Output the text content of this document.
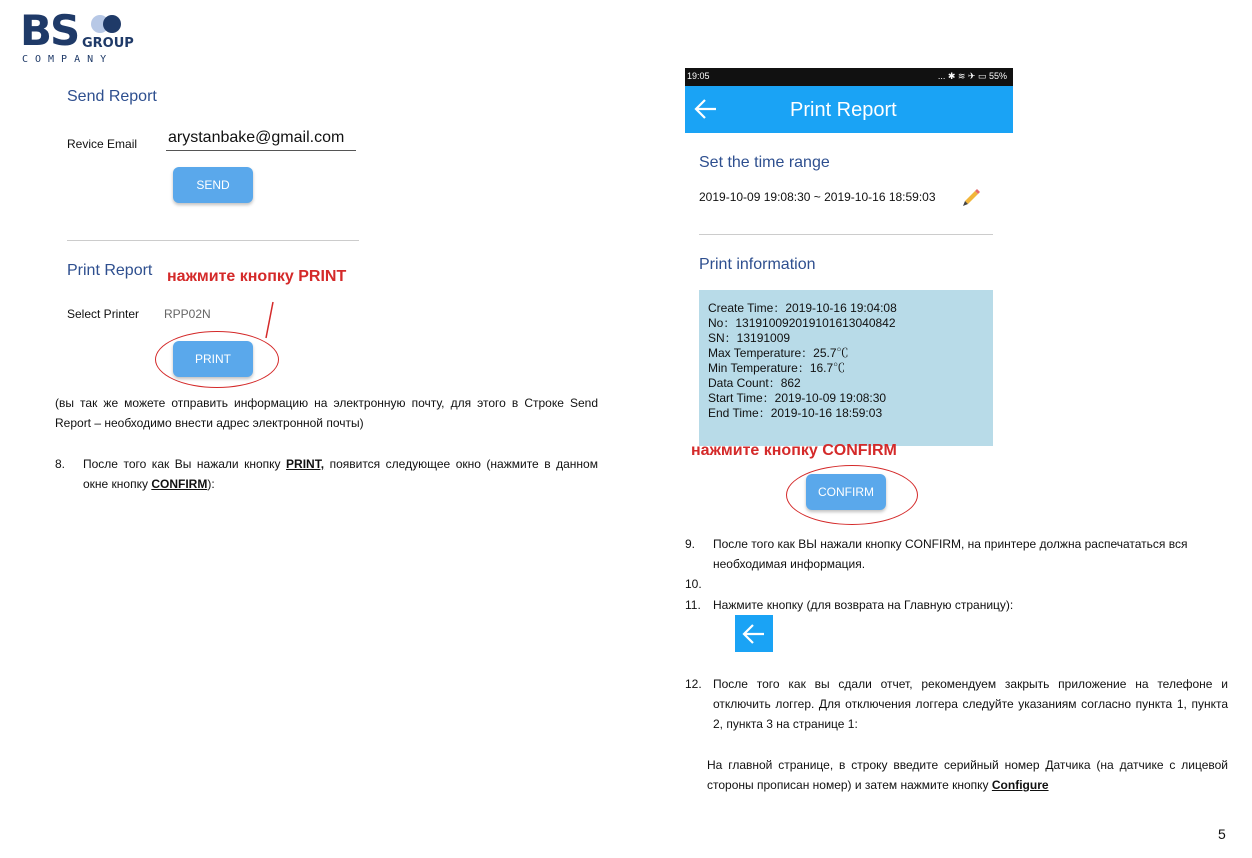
BS GROUP
COMPANY
Send Report
Revice Email arystanbake@gmail.com
SEND
Print Report нажмите кнопку PRINT
Select Printer RPP02N
PRINT
(вы так же можете отправить информацию на электронную почту, для этого в Строке Send Report – необходимо внести адрес электронной почты)
8. После того как Вы нажали кнопку PRINT, появится следующее окно (нажмите в данном окне кнопку CONFIRM):
19:05	... ✱ ≋ ✈ ▭ 55%
Print Report
Set the time range
2019-10-09 19:08:30 ~ 2019-10-16 18:59:03
Print information
Create Time：2019-10-16 19:04:08
No：13191009201910161304084​2
SN：13191009
Max Temperature：25.7℃
Min Temperature：16.7℃
Data Count：862
Start Time：2019-10-09 19:08:30
End Time：2019-10-16 18:59:03
нажмите кнопку CONFIRM
CONFIRM
9. После того как ВЫ нажали кнопку CONFIRM, на принтере должна распечататься вся необходимая информация.
10.
11. Нажмите кнопку (для возврата на Главную страницу):
12. После того как вы сдали отчет, рекомендуем закрыть приложение на телефоне и отключить логгер. Для отключения логгера следуйте указаниям согласно пункта 1, пункта 2, пункта 3 на странице 1:
На главной странице, в строку введите серийный номер Датчика (на датчике с лицевой стороны прописан номер) и затем нажмите кнопку Configure
5
